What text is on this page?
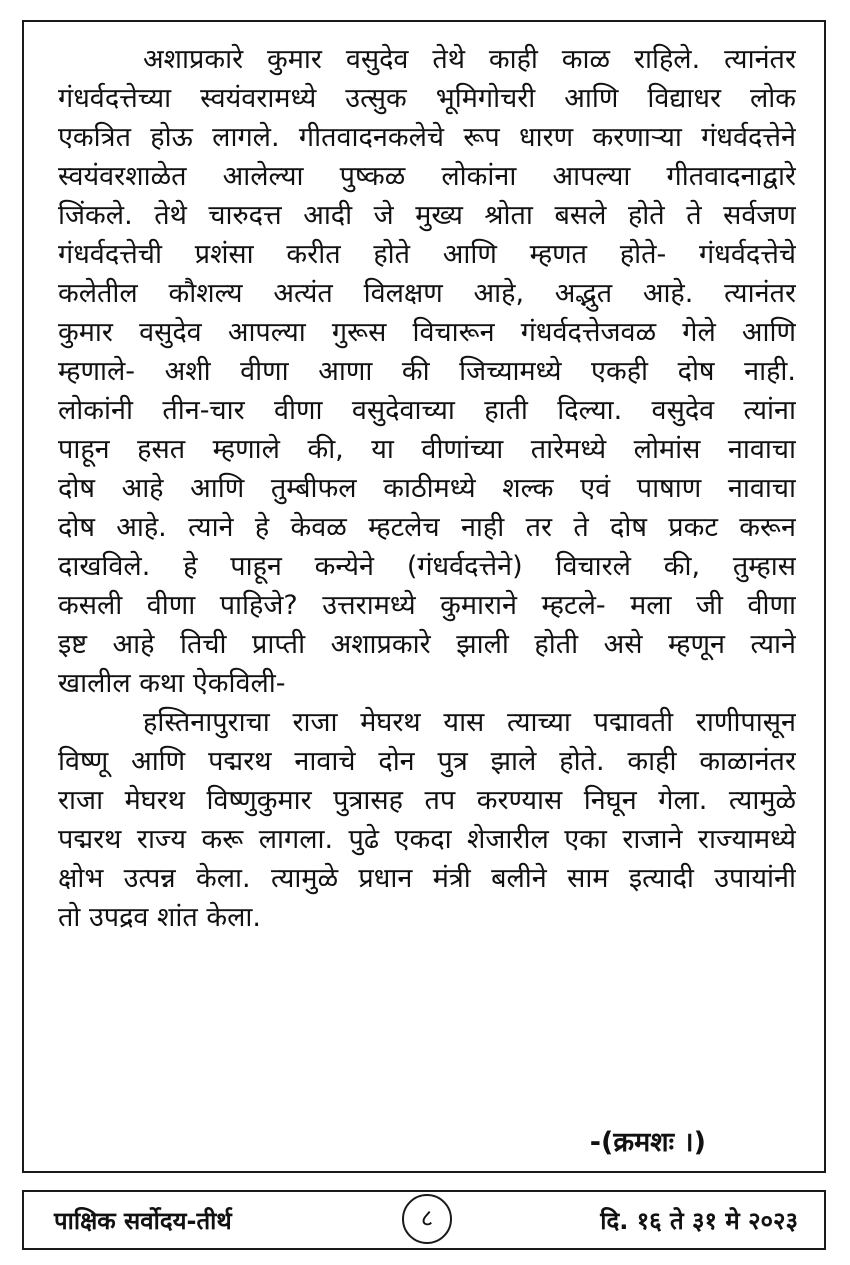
अशाप्रकारे कुमार वसुदेव तेथे काही काळ राहिले. त्यानंतर
गंधर्वदत्तेच्या स्वयंवरामध्ये उत्सुक भूमिगोचरी आणि विद्याधर लोक
एकत्रित होऊ लागले. गीतवादनकलेचे रूप धारण करणाऱ्या गंधर्वदत्तेने
स्वयंवरशाळेत आलेल्या पुष्कळ लोकांना आपल्या गीतवादनाद्वारे
जिंकले. तेथे चारुदत्त आदी जे मुख्य श्रोता बसले होते ते सर्वजण
गंधर्वदत्तेची प्रशंसा करीत होते आणि म्हणत होते- गंधर्वदत्तेचे
कलेतील कौशल्य अत्यंत विलक्षण आहे, अद्भुत आहे. त्यानंतर
कुमार वसुदेव आपल्या गुरूस विचारून गंधर्वदत्तेजवळ गेले आणि
म्हणाले- अशी वीणा आणा की जिच्यामध्ये एकही दोष नाही.
लोकांनी तीन-चार वीणा वसुदेवाच्या हाती दिल्या. वसुदेव त्यांना
पाहून हसत म्हणाले की, या वीणांच्या तारेमध्ये लोमांस नावाचा
दोष आहे आणि तुम्बीफल काठीमध्ये शल्क एवं पाषाण नावाचा
दोष आहे. त्याने हे केवळ म्हटलेच नाही तर ते दोष प्रकट करून
दाखविले. हे पाहून कन्येने (गंधर्वदत्तेने) विचारले की, तुम्हास
कसली वीणा पाहिजे? उत्तरामध्ये कुमाराने म्हटले- मला जी वीणा
इष्ट आहे तिची प्राप्ती अशाप्रकारे झाली होती असे म्हणून त्याने
खालील कथा ऐकविली-
हस्तिनापुराचा राजा मेघरथ यास त्याच्या पद्मावती राणीपासून
विष्णू आणि पद्मरथ नावाचे दोन पुत्र झाले होते. काही काळानंतर
राजा मेघरथ विष्णुकुमार पुत्रासह तप करण्यास निघून गेला. त्यामुळे
पद्मरथ राज्य करू लागला. पुढे एकदा शेजारील एका राजाने राज्यामध्ये
क्षोभ उत्पन्न केला. त्यामुळे प्रधान मंत्री बलीने साम इत्यादी उपायांनी
तो उपद्रव शांत केला.
-(क्रमशः ।)
पाक्षिक सर्वोदय-तीर्थ	८	दि. १६ ते ३१ मे २०२३
